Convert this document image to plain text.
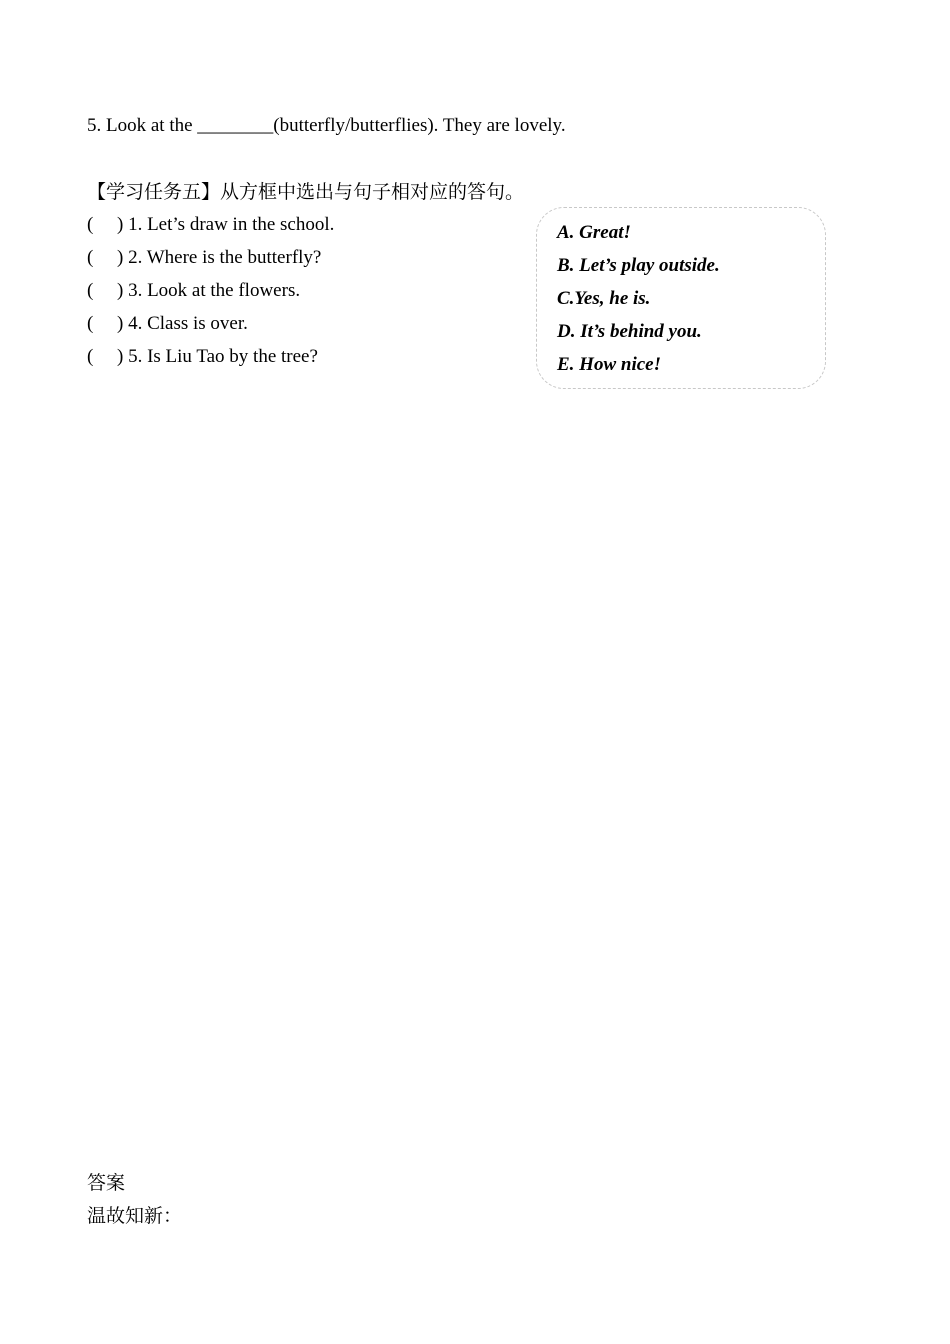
5. Look at the ________(butterfly/butterflies). They are lovely.
【学习任务五】从方框中选出与句子相对应的答句。
( ) 1. Let’s draw in the school.
( ) 2. Where is the butterfly?
( ) 3. Look at the flowers.
( ) 4. Class is over.
( ) 5. Is Liu Tao by the tree?
A. Great!
B. Let’s play outside.
C.Yes, he is.
D. It’s behind you.
E. How nice!
答案
温故知新：
